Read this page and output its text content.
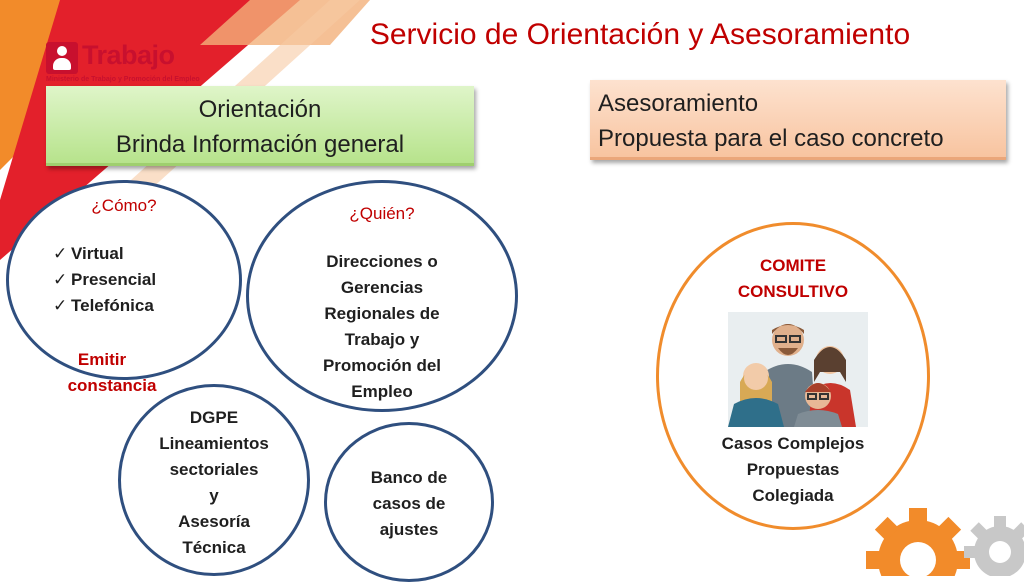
Trabajo
Ministerio de Trabajo y Promoción del Empleo
Servicio de Orientación y Asesoramiento
Orientación
Brinda Información general
Asesoramiento
Propuesta para el caso concreto
¿Cómo?
✓ Virtual
✓ Presencial
✓ Telefónica
Emitir
constancia
¿Quién?
Direcciones o
Gerencias
Regionales de
Trabajo y
Promoción del
Empleo
DGPE
Lineamientos
sectoriales
y
Asesoría
Técnica
Banco de
casos de
ajustes
COMITE
CONSULTIVO
Casos Complejos
Propuestas
Colegiada
